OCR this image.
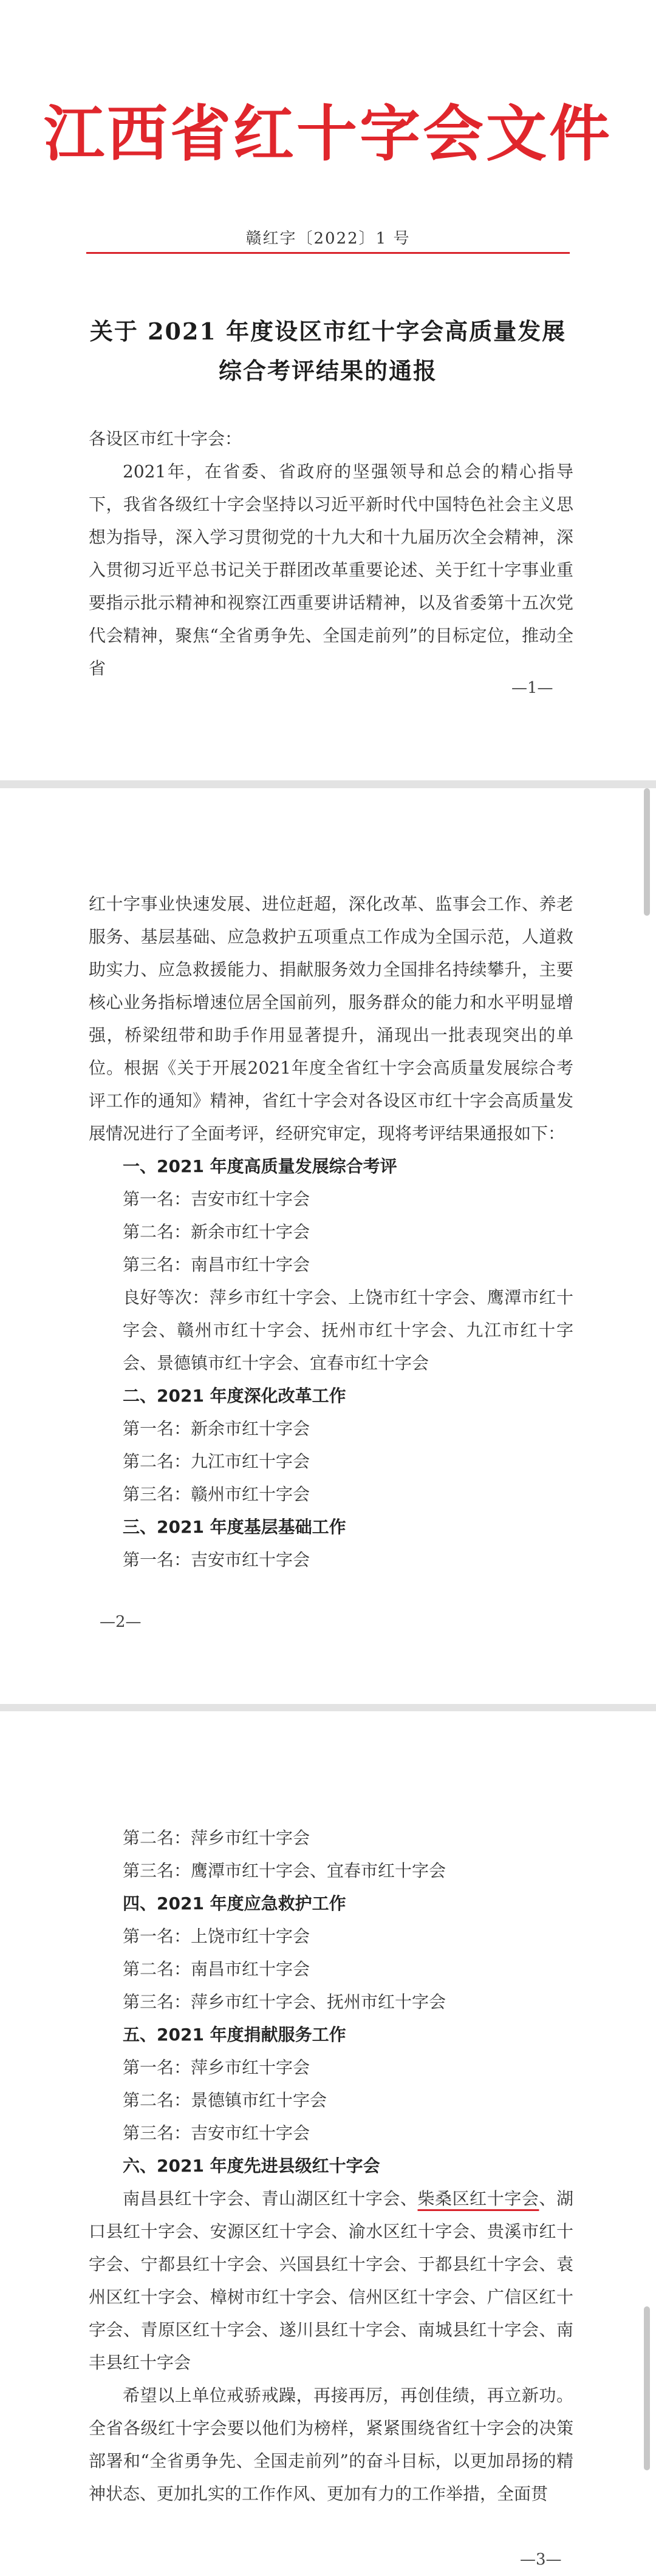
江西省红十字会文件
赣红字〔2022〕1 号
关于 2021 年度设区市红十字会高质量发展
综合考评结果的通报

各设区市红十字会：

2021年，在省委、省政府的坚强领导和总会的精心指导下，我省各级红十字会坚持以习近平新时代中国特色社会主义思想为指导，深入学习贯彻党的十九大和十九届历次全会精神，深入贯彻习近平总书记关于群团改革重要论述、关于红十字事业重要指示批示精神和视察江西重要讲话精神，以及省委第十五次党代会精神，聚焦“全省勇争先、全国走前列”的目标定位，推动全省

—1—

红十字事业快速发展、进位赶超，深化改革、监事会工作、养老服务、基层基础、应急救护五项重点工作成为全国示范，人道救助实力、应急救援能力、捐献服务效力全国排名持续攀升，主要核心业务指标增速位居全国前列，服务群众的能力和水平明显增强，桥梁纽带和助手作用显著提升，涌现出一批表现突出的单位。根据《关于开展2021年度全省红十字会高质量发展综合考评工作的通知》精神，省红十字会对各设区市红十字会高质量发展情况进行了全面考评，经研究审定，现将考评结果通报如下：

一、2021 年度高质量发展综合考评
第一名：吉安市红十字会
第二名：新余市红十字会
第三名：南昌市红十字会
良好等次：萍乡市红十字会、上饶市红十字会、鹰潭市红十字会、赣州市红十字会、抚州市红十字会、九江市红十字会、景德镇市红十字会、宜春市红十字会
二、2021 年度深化改革工作
第一名：新余市红十字会
第二名：九江市红十字会
第三名：赣州市红十字会
三、2021 年度基层基础工作
第一名：吉安市红十字会
—2—
第二名：萍乡市红十字会
第三名：鹰潭市红十字会、宜春市红十字会
四、2021 年度应急救护工作
第一名：上饶市红十字会
第二名：南昌市红十字会
第三名：萍乡市红十字会、抚州市红十字会
五、2021 年度捐献服务工作
第一名：萍乡市红十字会
第二名：景德镇市红十字会
第三名：吉安市红十字会
六、2021 年度先进县级红十字会

南昌县红十字会、青山湖区红十字会、柴桑区红十字会、湖口县红十字会、安源区红十字会、渝水区红十字会、贵溪市红十字会、宁都县红十字会、兴国县红十字会、于都县红十字会、袁州区红十字会、樟树市红十字会、信州区红十字会、广信区红十字会、青原区红十字会、遂川县红十字会、南城县红十字会、南丰县红十字会

希望以上单位戒骄戒躁，再接再厉，再创佳绩，再立新功。全省各级红十字会要以他们为榜样，紧紧围绕省红十字会的决策部署和“全省勇争先、全国走前列”的奋斗目标，以更加昂扬的精神状态、更加扎实的工作作风、更加有力的工作举措，全面贯

—3—
